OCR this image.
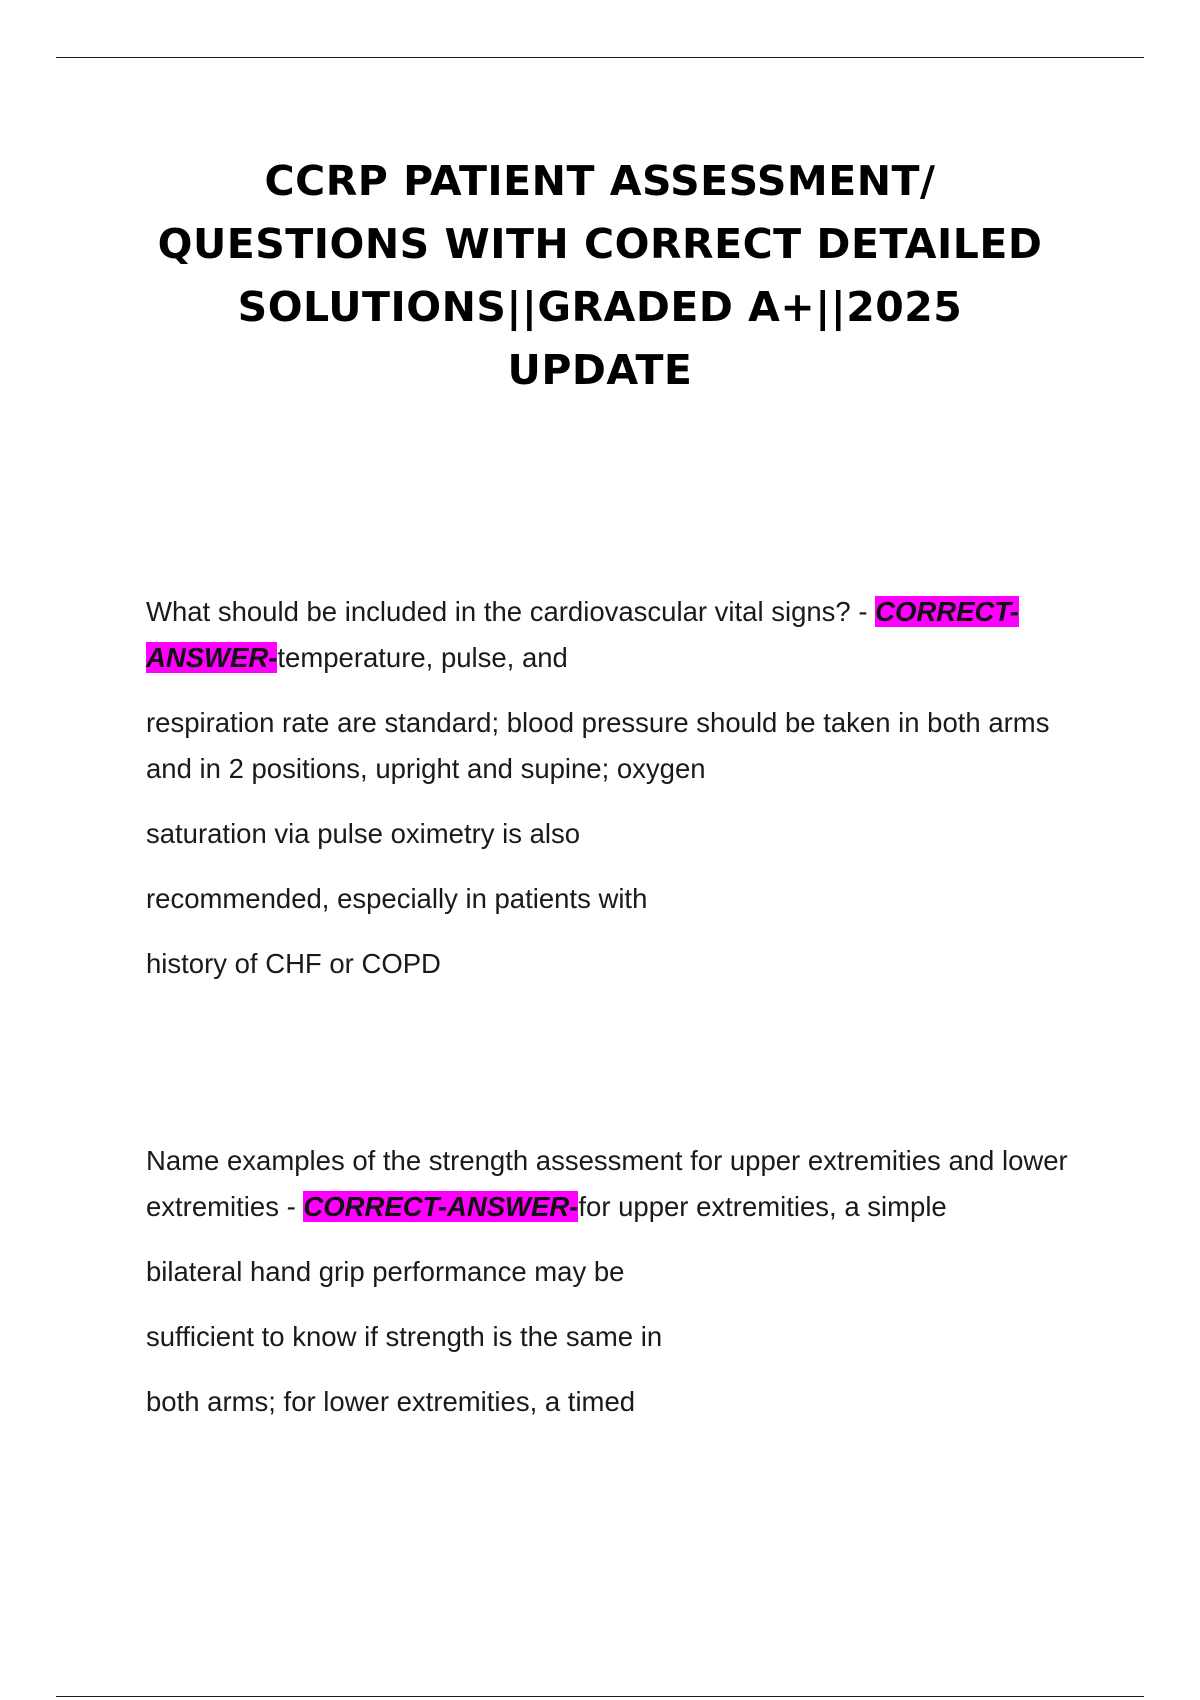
CCRP PATIENT ASSESSMENT/ QUESTIONS WITH CORRECT DETAILED SOLUTIONS||GRADED A+||2025 UPDATE

What should be included in the cardiovascular vital signs? - CORRECT-ANSWER-temperature, pulse, and

respiration rate are standard; blood pressure should be taken in both arms and in 2 positions, upright and supine; oxygen

saturation via pulse oximetry is also

recommended, especially in patients with

history of CHF or COPD

Name examples of the strength assessment for upper extremities and lower extremities - CORRECT-ANSWER-for upper extremities, a simple

bilateral hand grip performance may be

sufficient to know if strength is the same in

both arms; for lower extremities, a timed
